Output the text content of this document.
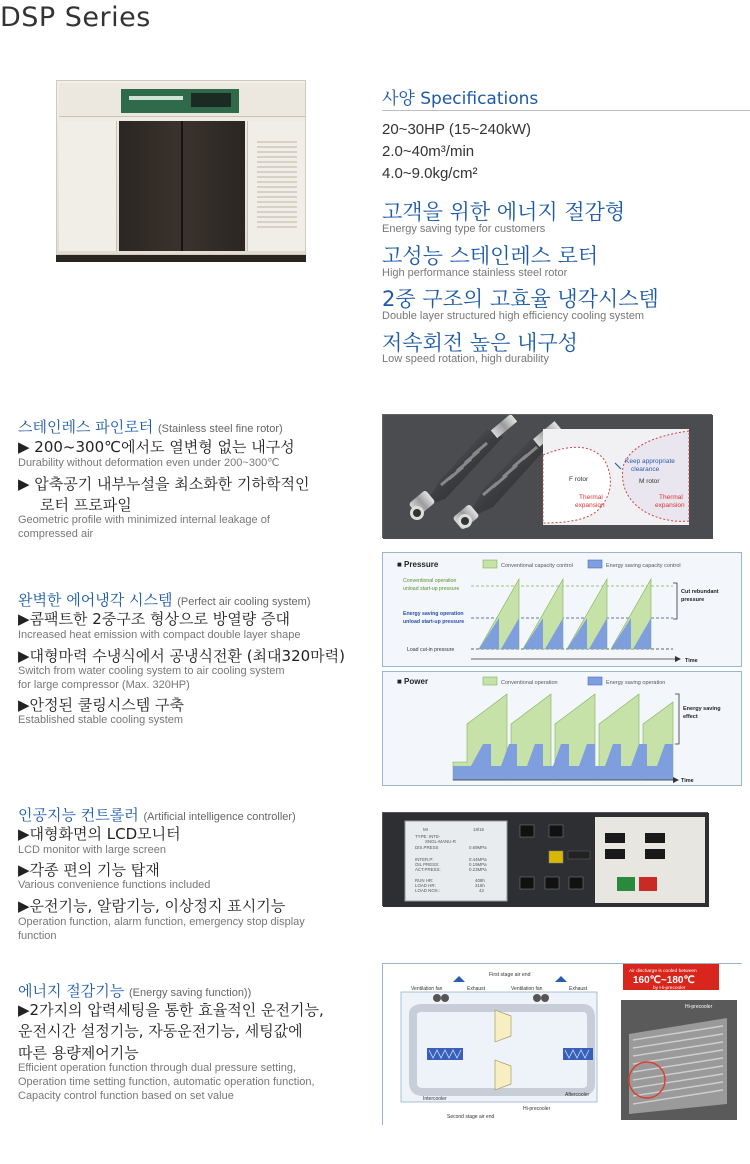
DSP Series
사양 Specifications
20~30HP (15~240kW)
2.0~40m³/min
4.0~9.0kg/cm²
고객을 위한 에너지 절감형
Energy saving type for customers
고성능 스테인레스 로터
High performance stainless steel rotor
2중 구조의 고효율 냉각시스템
Double layer structured high efficiency cooling system
저속회전 높은 내구성
Low speed rotation, high durability
스테인레스 파인로터 (Stainless steel fine rotor)
▶ 200~300℃에서도 열변형 없는 내구성
Durability without deformation even under 200~300℃
▶ 압축공기 내부누설을 최소화한 기하학적인
로터 프로파일
Geometric profile with minimized internal leakage of
compressed air
Keep appropriate
clearance
F rotor	M rotor
Thermal
expansion
Thermal
expansion
완벽한 에어냉각 시스템 (Perfect air cooling system)
▶콤팩트한 2중구조 형상으로 방열량 증대
Increased heat emission with compact double layer shape
▶대형마력 수냉식에서 공냉식전환 (최대320마력)
Switch from water cooling system to air cooling system
for large compressor (Max. 320HP)
▶안정된 쿨링시스템 구축
Established stable cooling system
■ Pressure	Conventional capacity control	Energy saving capacity control
Conventional operation
unload start-up pressure
Energy saving operation
unload start-up pressure
Load cut-in pressure
Cut rebundant
pressure
Time
■ Power	Conventional operation	Energy saving operation
Energy saving
effect
Time
인공지능 컨트롤러 (Artificial intelligence controller)
▶대형화면의 LCD모니터
LCD monitor with large screen
▶각종 편의 기능 탑재
Various convenience functions included
▶운전기능, 알람기능, 이상정지 표시기능
Operation function, alarm function, emergency stop display
function
MI	19/16
TYPE: INTE-
SNGL-MANU-R
DIS.PRESS	0.69MPa
INTER.P:	0.44MPa
OIL PRESS:	0.19MPa
ACT.PRESS:	0.23MPa
RUN HR:	409h
LOAD HR:	316h
LOAD NOS.:	42
에너지 절감기능 (Energy saving function))
▶2가지의 압력세팅을 통한 효율적인 운전기능,
운전시간 설정기능, 자동운전기능, 세팅값에
따른 용량제어기능
Efficient operation function through dual pressure setting,
Operation time setting function, automatic operation function,
Capacity control function based on set value
First stage air end
Ventilation fan	Exhaust	Ventilation fan	Exhaust
Intercooler
Second stage air end
Hi-precooler
Aftercooler
Air discharge is cooled between
160℃~180℃
by Hi-precooler
Hi-precooler
